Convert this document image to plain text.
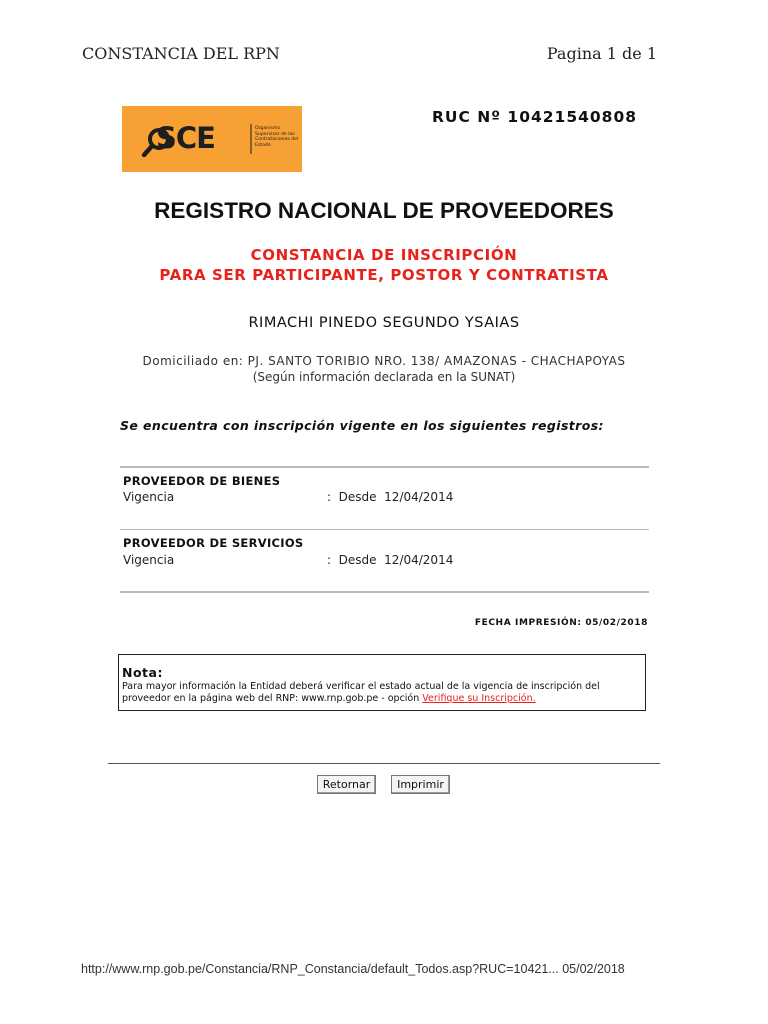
CONSTANCIA DEL RPN	Pagina 1 de 1
SCE	Organismo Supervisor de las Contrataciones del Estado
RUC Nº 10421540808
REGISTRO NACIONAL DE PROVEEDORES
CONSTANCIA DE INSCRIPCIÓN
PARA SER PARTICIPANTE, POSTOR Y CONTRATISTA
RIMACHI PINEDO SEGUNDO YSAIAS
Domiciliado en: PJ. SANTO TORIBIO NRO. 138/ AMAZONAS - CHACHAPOYAS
(Según información declarada en la SUNAT)
Se encuentra con inscripción vigente en los siguientes registros:
PROVEEDOR DE BIENES
Vigencia	:  Desde  12/04/2014
PROVEEDOR DE SERVICIOS
Vigencia	:  Desde  12/04/2014
FECHA IMPRESIÓN: 05/02/2018
Nota:
Para mayor información la Entidad deberá verificar el estado actual de la vigencia de inscripción del proveedor en la página web del RNP: www.rnp.gob.pe - opción Verifique su Inscripción.
Retornar	Imprimir
http://www.rnp.gob.pe/Constancia/RNP_Constancia/default_Todos.asp?RUC=10421... 05/02/2018
